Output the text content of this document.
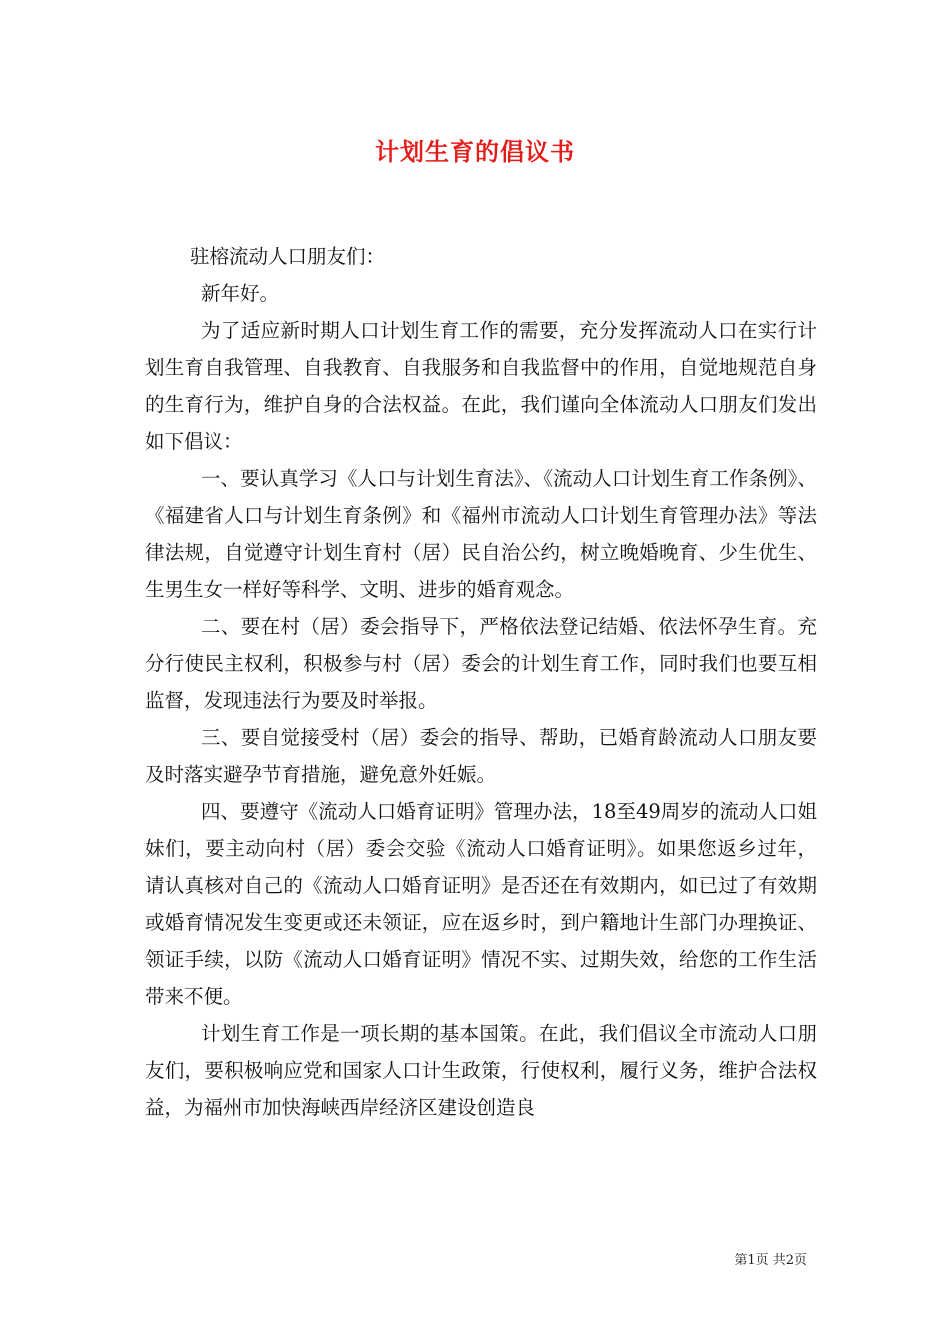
计划生育的倡议书

驻榕流动人口朋友们：

新年好。

为了适应新时期人口计划生育工作的需要，充分发挥流动人口在实行计划生育自我管理、自我教育、自我服务和自我监督中的作用，自觉地规范自身的生育行为，维护自身的合法权益。在此，我们谨向全体流动人口朋友们发出如下倡议：

一、要认真学习《人口与计划生育法》、《流动人口计划生育工作条例》、《福建省人口与计划生育条例》和《福州市流动人口计划生育管理办法》等法律法规，自觉遵守计划生育村（居）民自治公约，树立晚婚晚育、少生优生、生男生女一样好等科学、文明、进步的婚育观念。

二、要在村（居）委会指导下，严格依法登记结婚、依法怀孕生育。充分行使民主权利，积极参与村（居）委会的计划生育工作，同时我们也要互相监督，发现违法行为要及时举报。

三、要自觉接受村（居）委会的指导、帮助，已婚育龄流动人口朋友要及时落实避孕节育措施，避免意外妊娠。

四、要遵守《流动人口婚育证明》管理办法，18至49周岁的流动人口姐妹们，要主动向村（居）委会交验《流动人口婚育证明》。如果您返乡过年，请认真核对自己的《流动人口婚育证明》是否还在有效期内，如已过了有效期或婚育情况发生变更或还未领证，应在返乡时，到户籍地计生部门办理换证、领证手续，以防《流动人口婚育证明》情况不实、过期失效，给您的工作生活带来不便。

计划生育工作是一项长期的基本国策。在此，我们倡议全市流动人口朋友们，要积极响应党和国家人口计生政策，行使权利，履行义务，维护合法权益，为福州市加快海峡西岸经济区建设创造良

第1页 共2页
